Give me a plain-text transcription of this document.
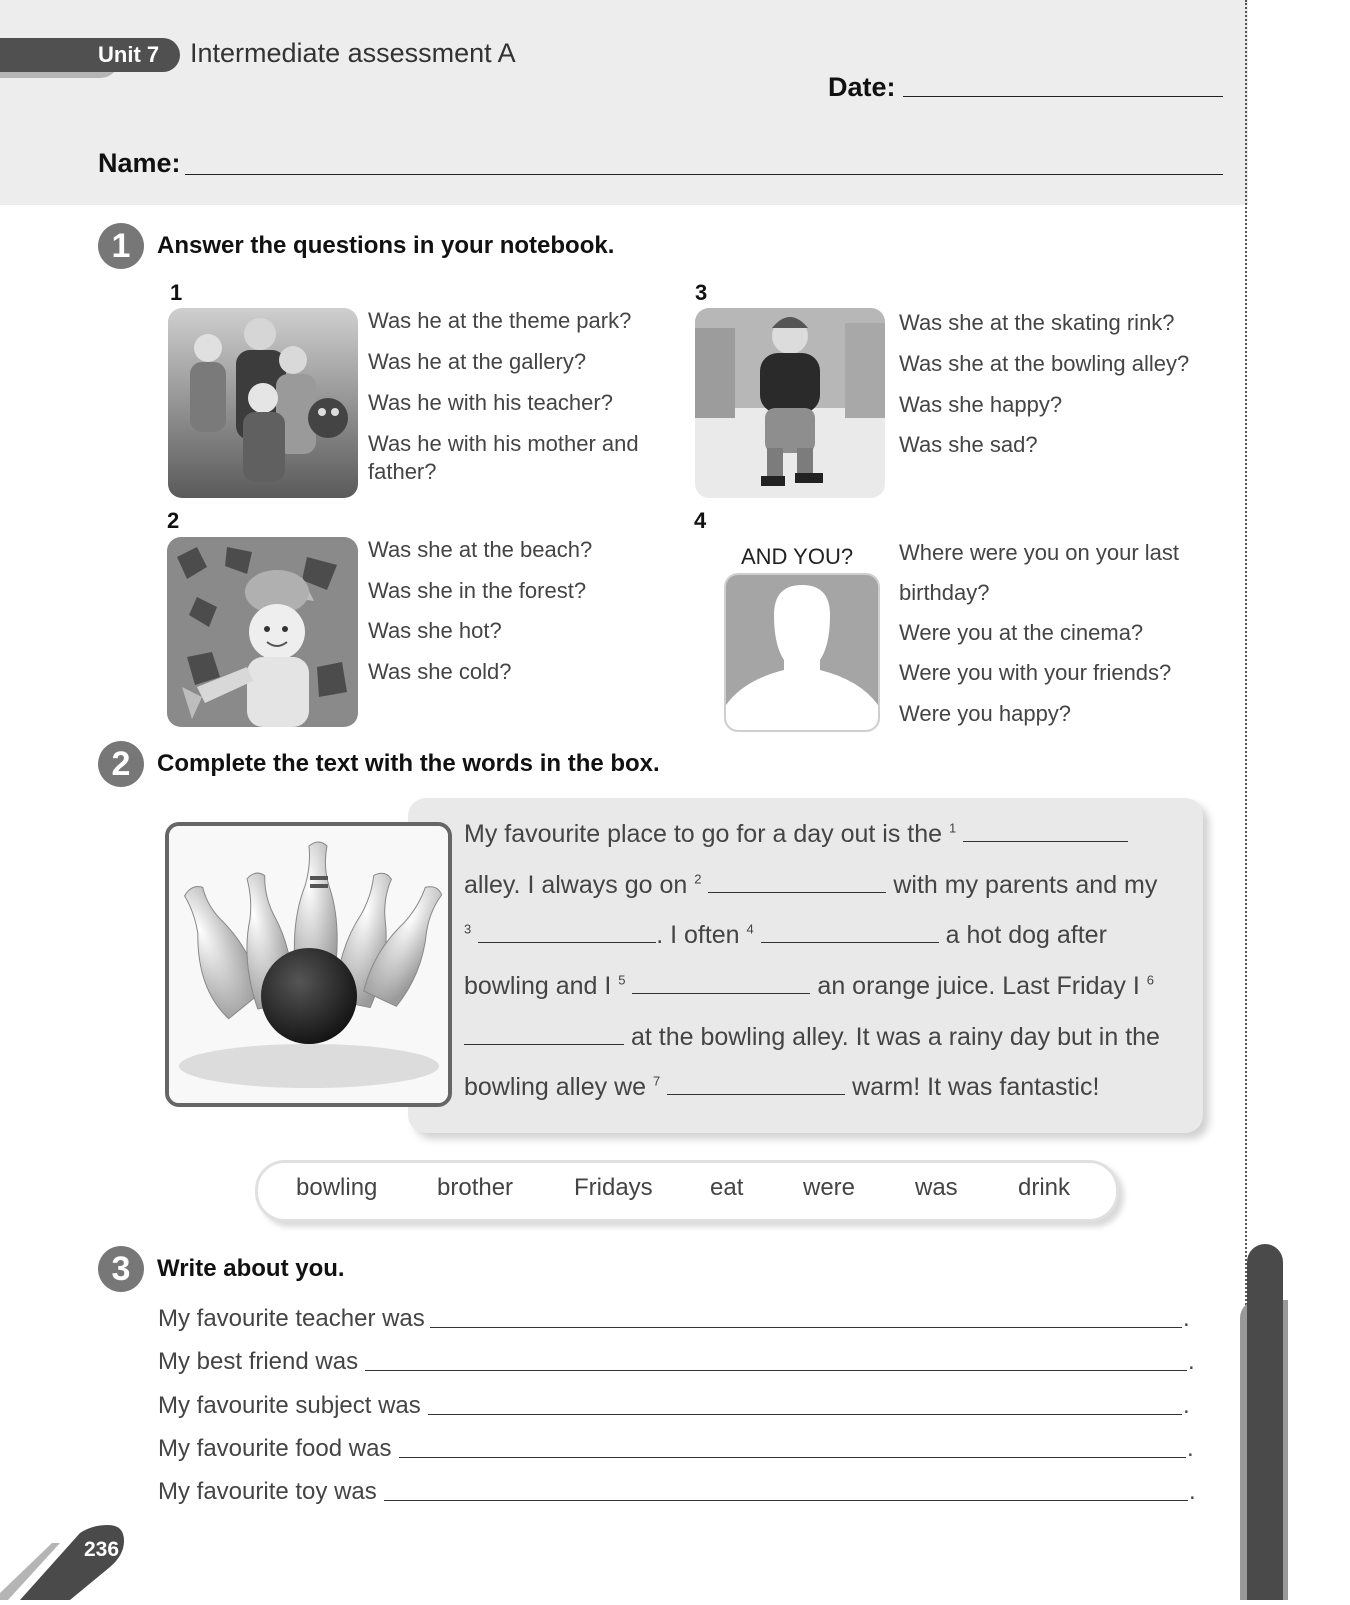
Unit 7 Intermediate assessment A
Date:
Name:
1	Answer the questions in your notebook.
1
Was he at the theme park?
Was he at the gallery?
Was he with his teacher?
Was he with his mother and
father?
2
Was she at the beach?
Was she in the forest?
Was she hot?
Was she cold?
3
Was she at the skating rink?
Was she at the bowling alley?
Was she happy?
Was she sad?
4
AND YOU? Where were you on your last
birthday?
Were you at the cinema?
Were you with your friends?
Were you happy?
2	Complete the text with the words in the box.
My favourite place to go for a day out is the $^1$
alley. I always go on $^2$	with my parents and my
$^3$	. I often $^4$	a hot dog after
bowling and I $^5$	an orange juice. Last Friday I $^6$
at the bowling alley. It was a rainy day but in the
bowling alley we $^7$	warm! It was fantastic!
bowling brother	Fridays eat were was	drink
3	Write about you.
My favourite teacher was	.
My best friend was	.
My favourite subject was	.
My favourite food was	.
My favourite toy was	.
Material fotocopiable
236
